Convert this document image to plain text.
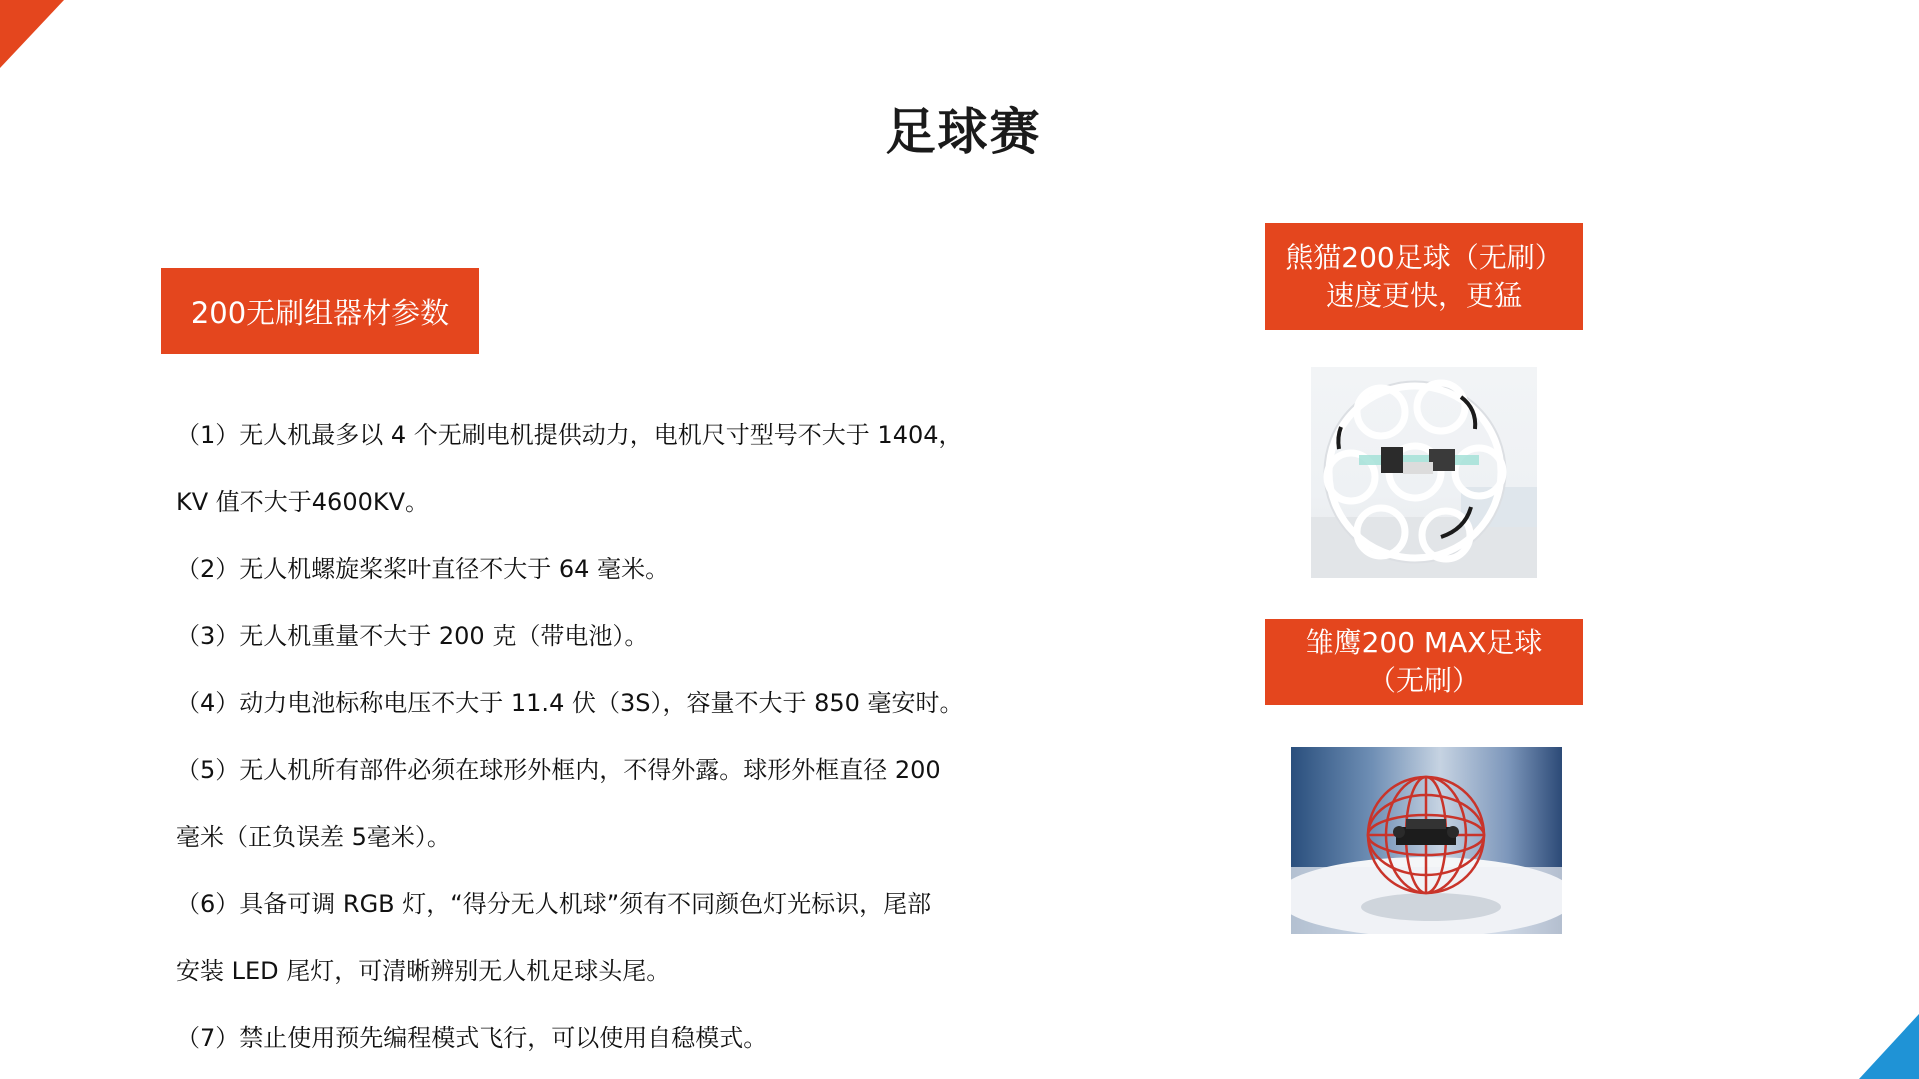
足球赛
200无刷组器材参数
（1）无人机最多以 4 个无刷电机提供动力，电机尺寸型号不大于 1404，
KV 值不大于4600KV。
（2）无人机螺旋桨桨叶直径不大于 64 毫米。
（3）无人机重量不大于 200 克（带电池）。
（4）动力电池标称电压不大于 11.4 伏（3S），容量不大于 850 毫安时。
（5）无人机所有部件必须在球形外框内，不得外露。球形外框直径 200
毫米（正负误差 5毫米）。
（6）具备可调 RGB 灯，“得分无人机球”须有不同颜色灯光标识，尾部
安装 LED 尾灯，可清晰辨别无人机足球头尾。
（7）禁止使用预先编程模式飞行，可以使用自稳模式。
熊猫200足球（无刷）
速度更快，更猛
雏鹰200 MAX足球
（无刷）
